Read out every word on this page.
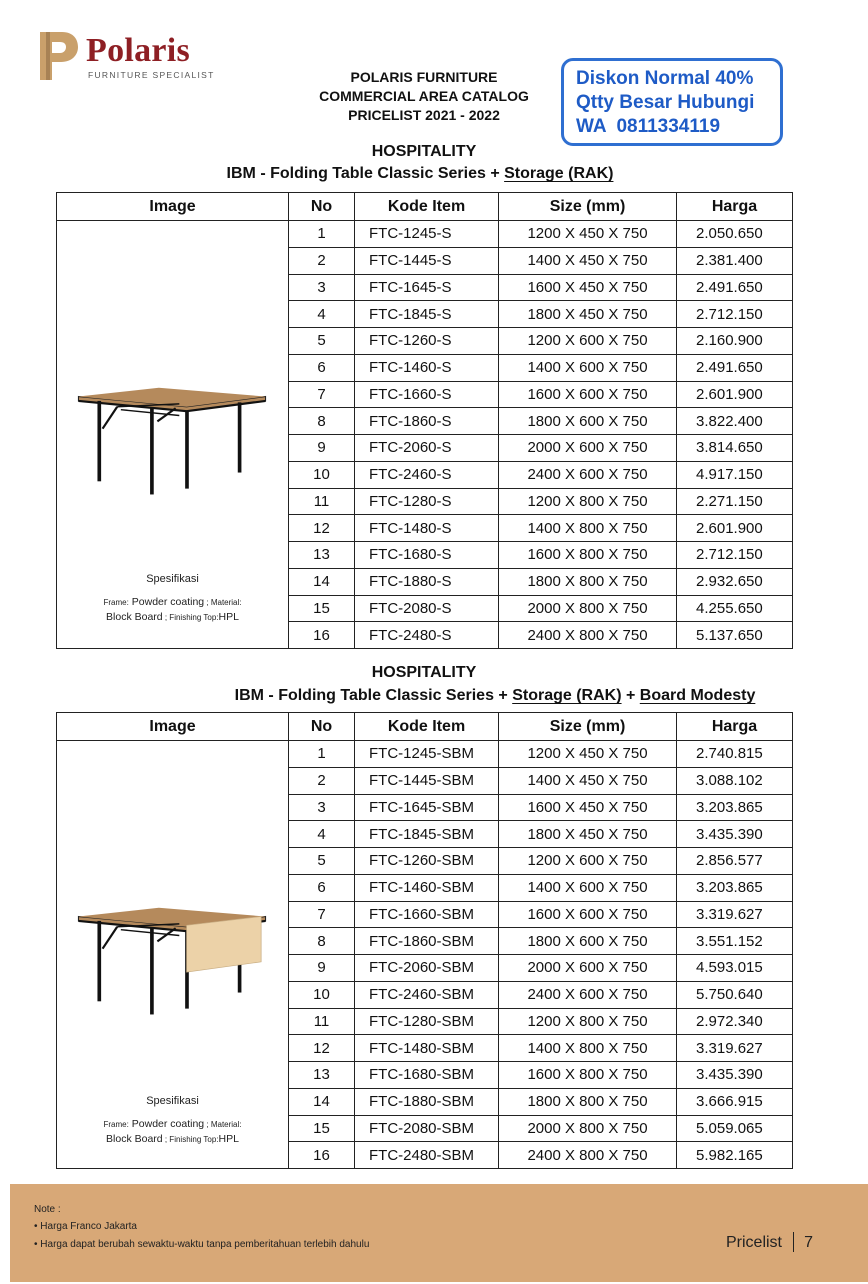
Polaris
FURNITURE SPECIALIST	POLARIS FURNITURE
COMMERCIAL AREA CATALOG
PRICELIST 2021 - 2022
Diskon Normal 40%
Qtty Besar Hubungi
WA  0811334119
HOSPITALITY
IBM - Folding Table Classic Series + Storage (RAK)
Image	No	Kode Item	Size (mm)	Harga

Spesifikasi
Frame: Powder coating ; Material:
Block Board ; Finishing Top:HPL	1	FTC-1245-S	1200 X 450 X 750	2.050.650
	2	FTC-1445-S	1400 X 450 X 750	2.381.400
	3	FTC-1645-S	1600 X 450 X 750	2.491.650
	4	FTC-1845-S	1800 X 450 X 750	2.712.150
	5	FTC-1260-S	1200 X 600 X 750	2.160.900
	6	FTC-1460-S	1400 X 600 X 750	2.491.650
	7	FTC-1660-S	1600 X 600 X 750	2.601.900
	8	FTC-1860-S	1800 X 600 X 750	3.822.400
	9	FTC-2060-S	2000 X 600 X 750	3.814.650
	10	FTC-2460-S	2400 X 600 X 750	4.917.150
	11	FTC-1280-S	1200 X 800 X 750	2.271.150
	12	FTC-1480-S	1400 X 800 X 750	2.601.900
	13	FTC-1680-S	1600 X 800 X 750	2.712.150
	14	FTC-1880-S	1800 X 800 X 750	2.932.650
	15	FTC-2080-S	2000 X 800 X 750	4.255.650
	16	FTC-2480-S	2400 X 800 X 750	5.137.650
HOSPITALITY
IBM - Folding Table Classic Series + Storage (RAK) + Board Modesty
Image	No	Kode Item	Size (mm)	Harga

Spesifikasi
Frame: Powder coating ; Material:
Block Board ; Finishing Top:HPL	1	FTC-1245-SBM	1200 X 450 X 750	2.740.815
	2	FTC-1445-SBM	1400 X 450 X 750	3.088.102
	3	FTC-1645-SBM	1600 X 450 X 750	3.203.865
	4	FTC-1845-SBM	1800 X 450 X 750	3.435.390
	5	FTC-1260-SBM	1200 X 600 X 750	2.856.577
	6	FTC-1460-SBM	1400 X 600 X 750	3.203.865
	7	FTC-1660-SBM	1600 X 600 X 750	3.319.627
	8	FTC-1860-SBM	1800 X 600 X 750	3.551.152
	9	FTC-2060-SBM	2000 X 600 X 750	4.593.015
	10	FTC-2460-SBM	2400 X 600 X 750	5.750.640
	11	FTC-1280-SBM	1200 X 800 X 750	2.972.340
	12	FTC-1480-SBM	1400 X 800 X 750	3.319.627
	13	FTC-1680-SBM	1600 X 800 X 750	3.435.390
	14	FTC-1880-SBM	1800 X 800 X 750	3.666.915
	15	FTC-2080-SBM	2000 X 800 X 750	5.059.065
	16	FTC-2480-SBM	2400 X 800 X 750	5.982.165
Note :
• Harga Franco Jakarta
• Harga dapat berubah sewaktu-waktu tanpa pemberitahuan terlebih dahulu	Pricelist 7
